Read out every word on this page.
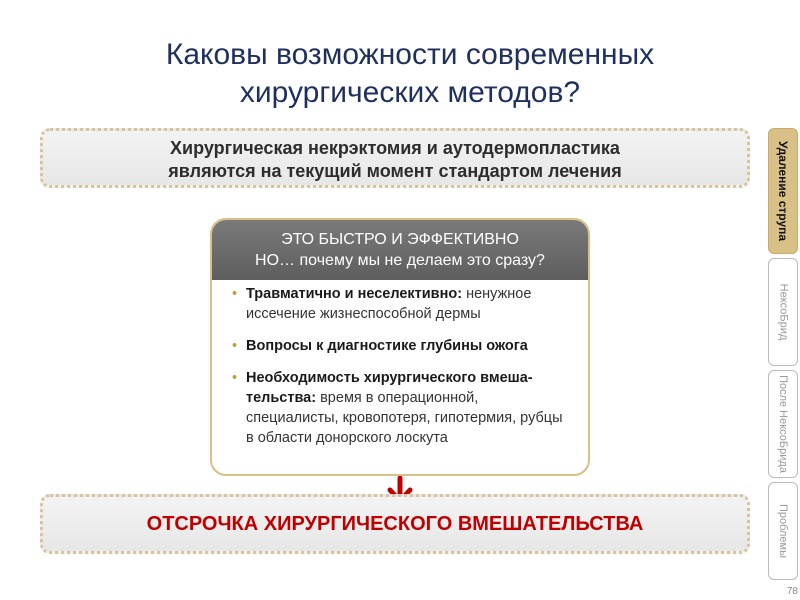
Каковы возможности современных
хирургических методов?
Хирургическая некрэктомия и аутодермопластика
являются на текущий момент стандартом лечения
ЭТО БЫСТРО И ЭФФЕКТИВНО
НО… почему мы не делаем это сразу?
• Травматично и неселективно: ненужное иссечение жизнеспособной дермы
• Вопросы к диагностике глубины ожога
• Необходимость хирургического вмеша-тельства: время в операционной, специалисты, кровопотеря, гипотермия, рубцы в области донорского лоскута
ОТСРОЧКА ХИРУРГИЧЕСКОГО ВМЕШАТЕЛЬСТВА
Удаление струпа
НексоБрид
После НексоБрида
Проблемы
78
